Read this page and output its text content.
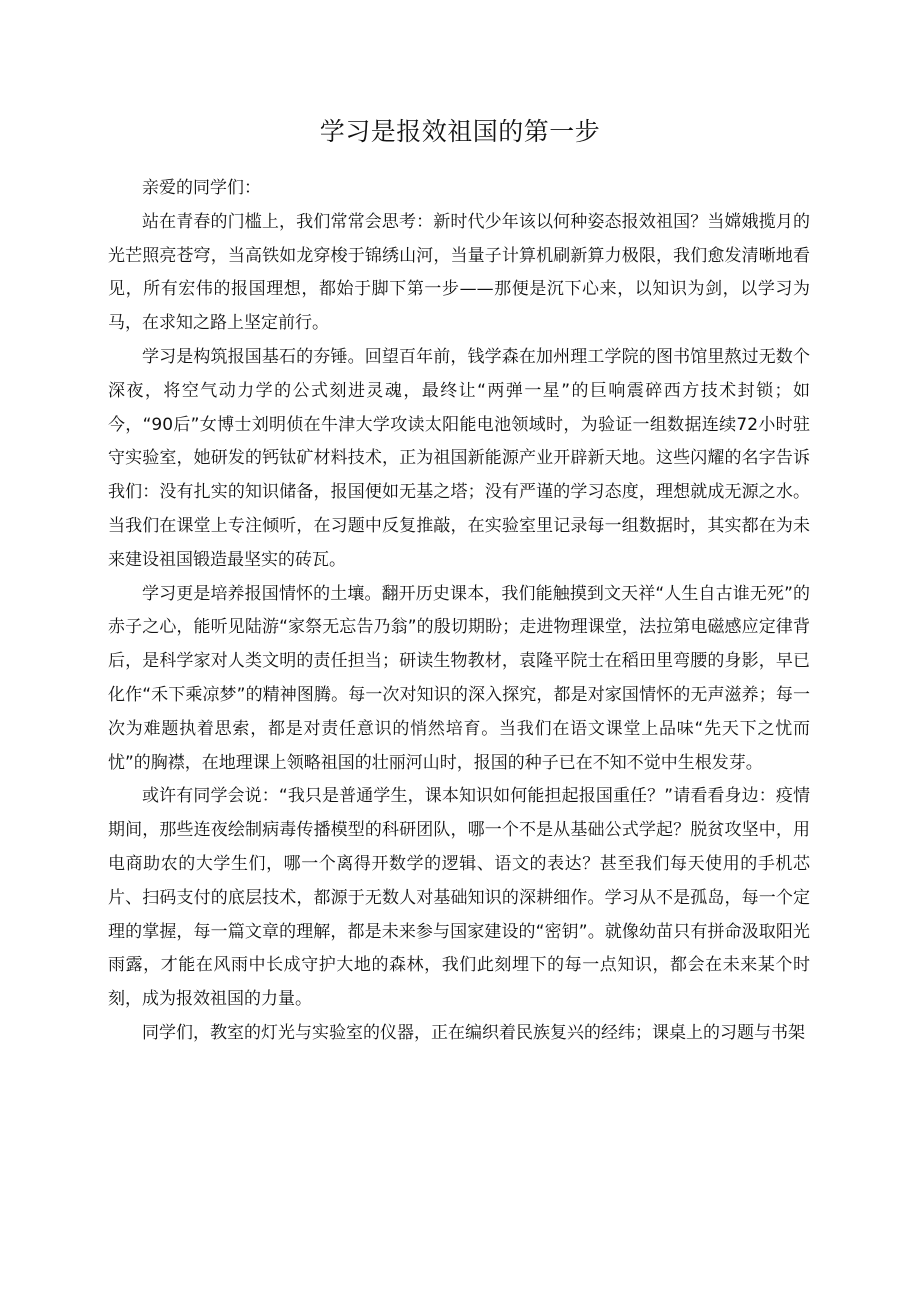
学习是报效祖国的第一步

亲爱的同学们：

站在青春的门槛上，我们常常会思考：新时代少年该以何种姿态报效祖国？当嫦娥揽月的光芒照亮苍穹，当高铁如龙穿梭于锦绣山河，当量子计算机刷新算力极限，我们愈发清晰地看见，所有宏伟的报国理想，都始于脚下第一步——那便是沉下心来，以知识为剑，以学习为马，在求知之路上坚定前行。

学习是构筑报国基石的夯锤。回望百年前，钱学森在加州理工学院的图书馆里熬过无数个深夜，将空气动力学的公式刻进灵魂，最终让“两弹一星”的巨响震碎西方技术封锁；如今，“90后”女博士刘明侦在牛津大学攻读太阳能电池领域时，为验证一组数据连续72小时驻守实验室，她研发的钙钛矿材料技术，正为祖国新能源产业开辟新天地。这些闪耀的名字告诉我们：没有扎实的知识储备，报国便如无基之塔；没有严谨的学习态度，理想就成无源之水。当我们在课堂上专注倾听，在习题中反复推敲，在实验室里记录每一组数据时，其实都在为未来建设祖国锻造最坚实的砖瓦。

学习更是培养报国情怀的土壤。翻开历史课本，我们能触摸到文天祥“人生自古谁无死”的赤子之心，能听见陆游“家祭无忘告乃翁”的殷切期盼；走进物理课堂，法拉第电磁感应定律背后，是科学家对人类文明的责任担当；研读生物教材，袁隆平院士在稻田里弯腰的身影，早已化作“禾下乘凉梦”的精神图腾。每一次对知识的深入探究，都是对家国情怀的无声滋养；每一次为难题执着思索，都是对责任意识的悄然培育。当我们在语文课堂上品味“先天下之忧而忧”的胸襟，在地理课上领略祖国的壮丽河山时，报国的种子已在不知不觉中生根发芽。

或许有同学会说：“我只是普通学生，课本知识如何能担起报国重任？”请看看身边：疫情期间，那些连夜绘制病毒传播模型的科研团队，哪一个不是从基础公式学起？脱贫攻坚中，用电商助农的大学生们，哪一个离得开数学的逻辑、语文的表达？甚至我们每天使用的手机芯片、扫码支付的底层技术，都源于无数人对基础知识的深耕细作。学习从不是孤岛，每一个定理的掌握，每一篇文章的理解，都是未来参与国家建设的“密钥”。就像幼苗只有拼命汲取阳光雨露，才能在风雨中长成守护大地的森林，我们此刻埋下的每一点知识，都会在未来某个时刻，成为报效祖国的力量。

同学们，教室的灯光与实验室的仪器，正在编织着民族复兴的经纬；课桌上的习题与书架
